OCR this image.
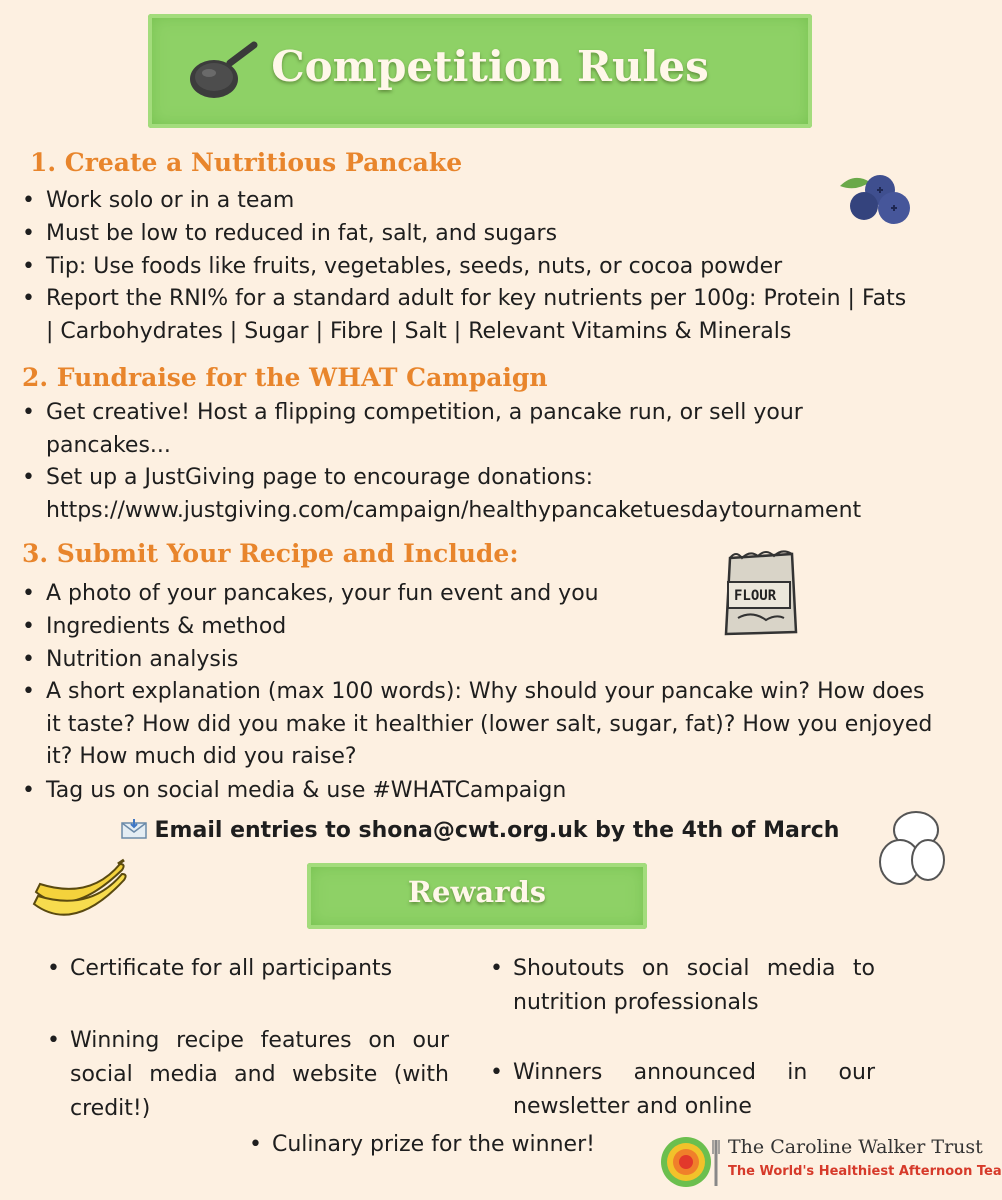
Competition Rules
1. Create a Nutritious Pancake
• Work solo or in a team
• Must be low to reduced in fat, salt, and sugars
• Tip: Use foods like fruits, vegetables, seeds, nuts, or cocoa powder
• Report the RNI% for a standard adult for key nutrients per 100g: Protein | Fats | Carbohydrates | Sugar | Fibre | Salt | Relevant Vitamins & Minerals
2. Fundraise for the WHAT Campaign
• Get creative! Host a flipping competition, a pancake run, or sell your pancakes...
• Set up a JustGiving page to encourage donations: https://www.justgiving.com/campaign/healthypancaketuesdaytournament
3. Submit Your Recipe and Include:
• A photo of your pancakes, your fun event and you
• Ingredients & method
• Nutrition analysis
• A short explanation (max 100 words): Why should your pancake win? How does it taste? How did you make it healthier (lower salt, sugar, fat)? How you enjoyed it? How much did you raise?
• Tag us on social media & use #WHATCampaign
Email entries to shona@cwt.org.uk by the 4th of March
Rewards
• Certificate for all participants
• Winning recipe features on our social media and website (with credit!)
• Shoutouts on social media to nutrition professionals
• Winners announced in our newsletter and online
• Culinary prize for the winner!
FLOUR
The Caroline Walker Trust
The World's Healthiest Afternoon Tea
